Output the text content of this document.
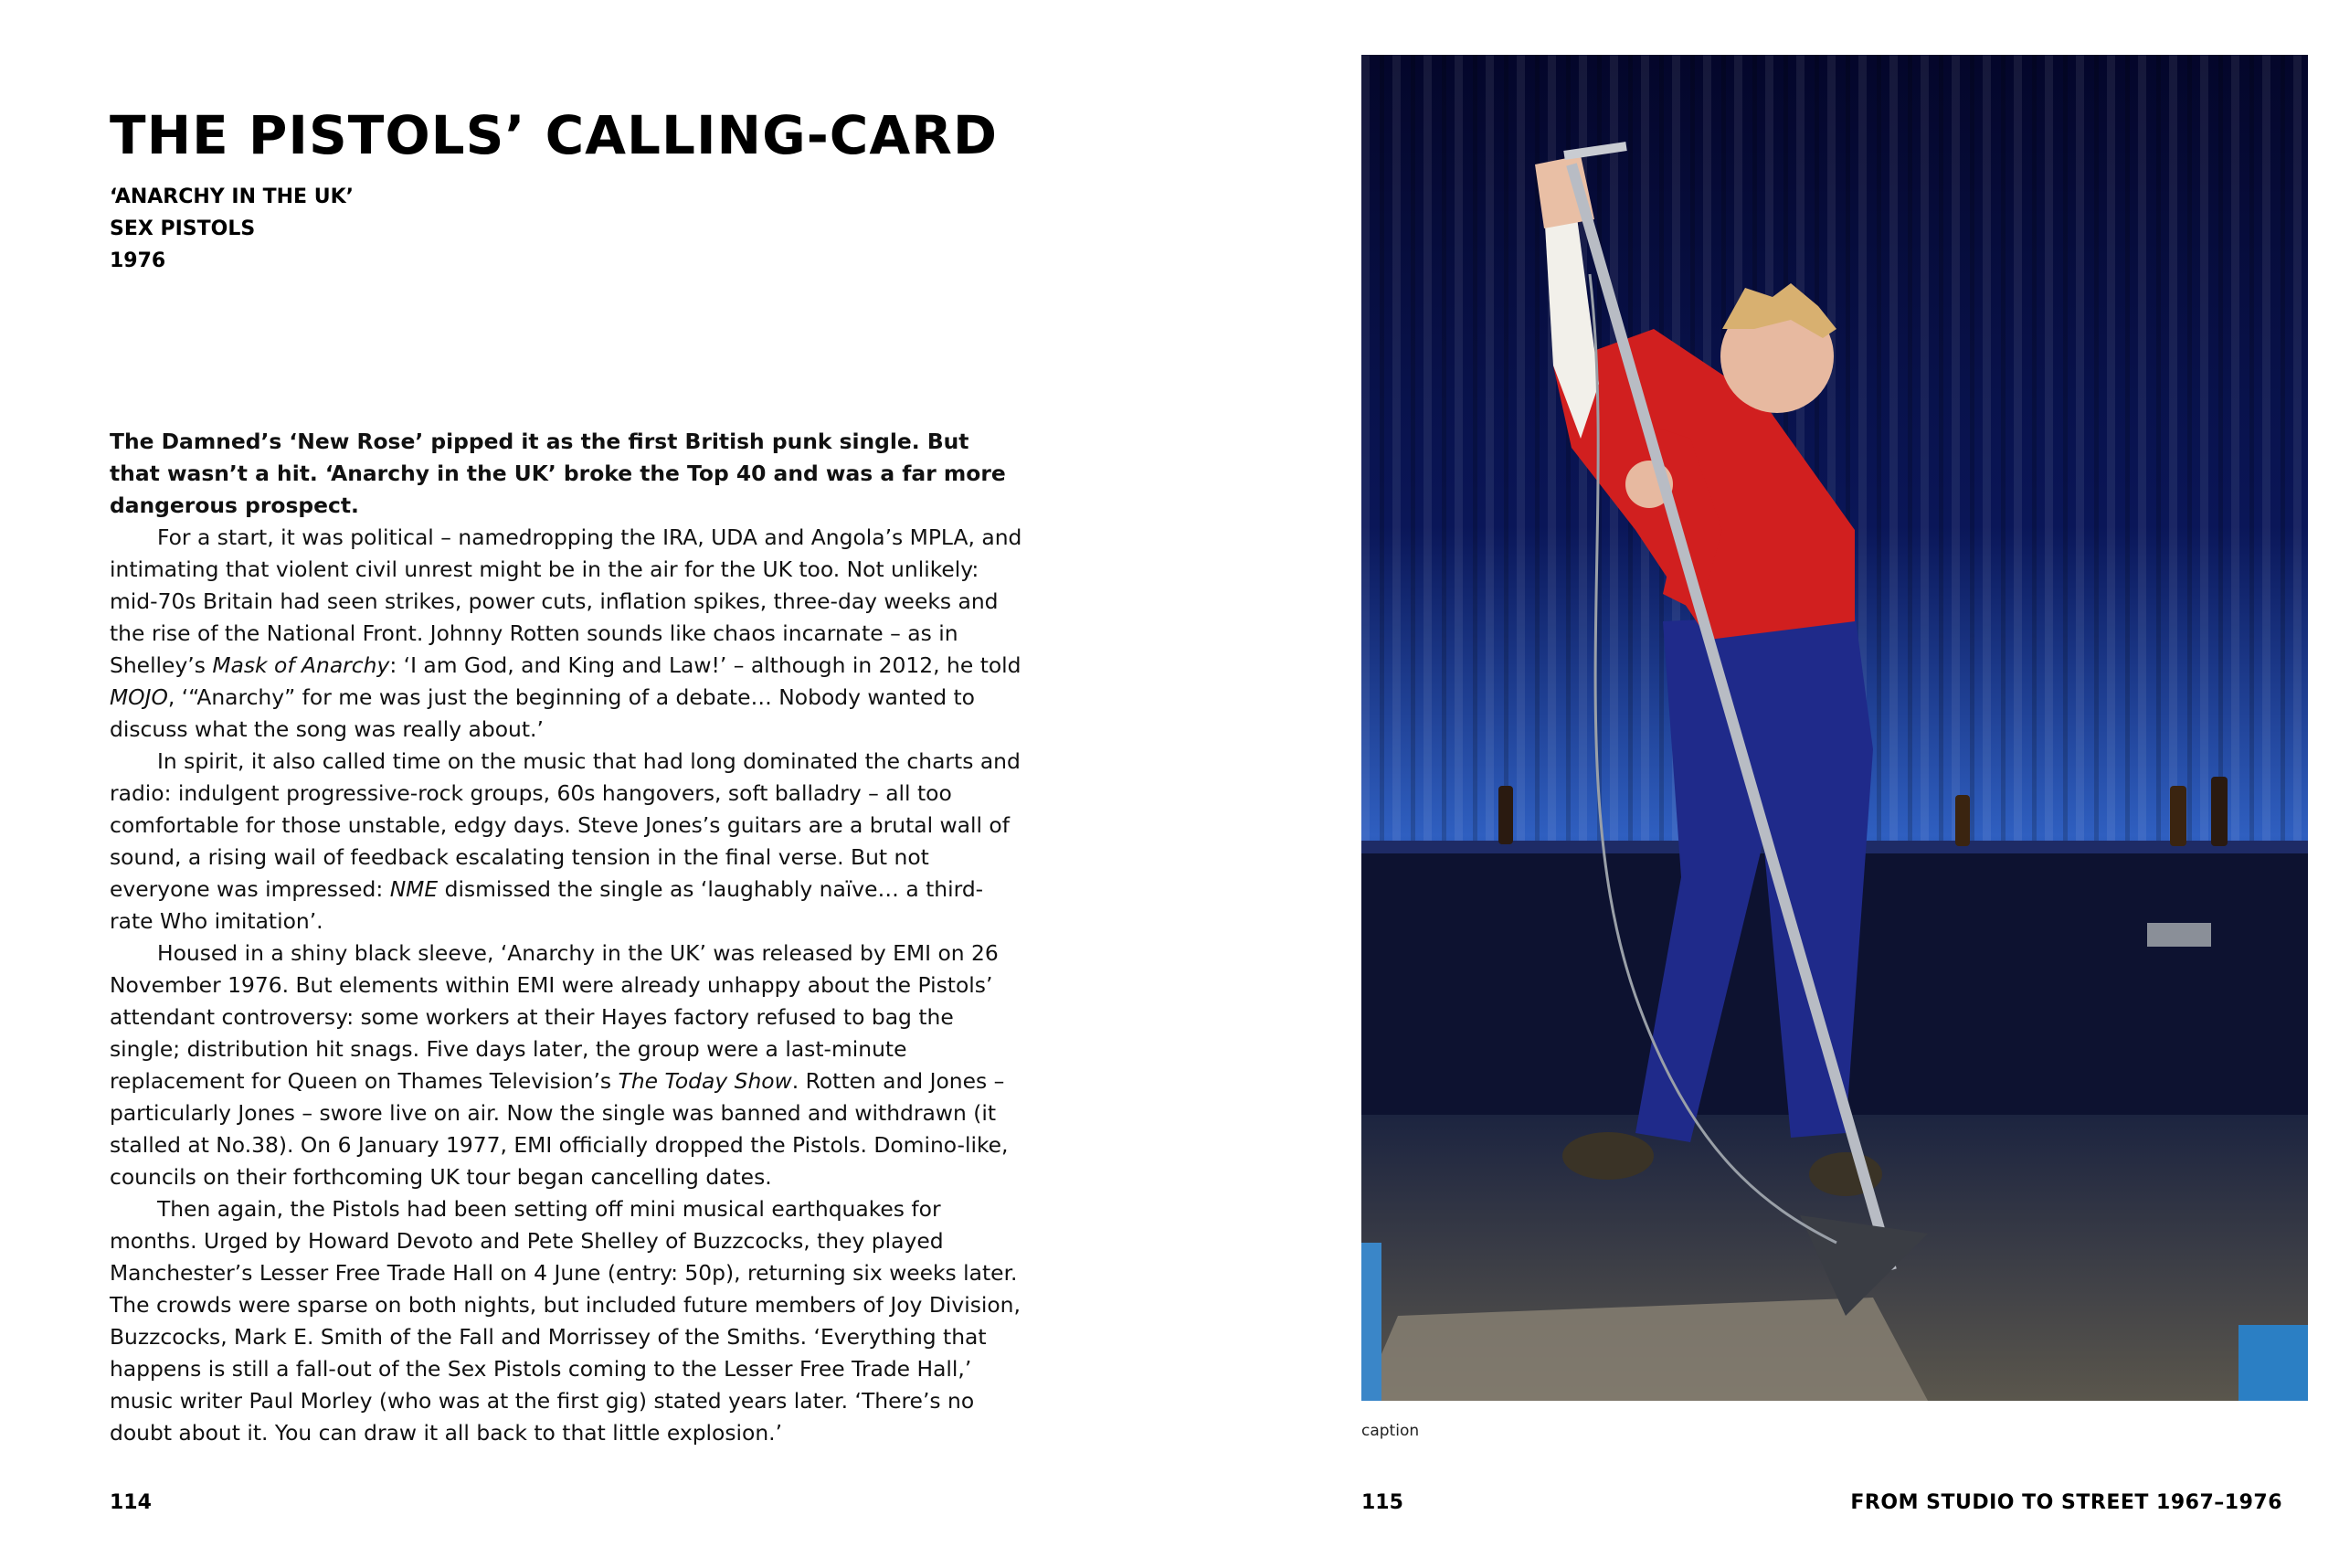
THE PISTOLS’ CALLING-CARD
‘ANARCHY IN THE UK’
SEX PISTOLS
1976

The Damned’s ‘New Rose’ pipped it as the first British punk single. But that wasn’t a hit. ‘Anarchy in the UK’ broke the Top 40 and was a far more dangerous prospect.

For a start, it was political – namedropping the IRA, UDA and Angola’s MPLA, and intimating that violent civil unrest might be in the air for the UK too. Not unlikely: mid-70s Britain had seen strikes, power cuts, inflation spikes, three-day weeks and the rise of the National Front. Johnny Rotten sounds like chaos incarnate – as in Shelley’s Mask of Anarchy: ‘I am God, and King and Law!’ – although in 2012, he told MOJO, ‘“Anarchy” for me was just the beginning of a debate… Nobody wanted to discuss what the song was really about.’

In spirit, it also called time on the music that had long dominated the charts and radio: indulgent progressive-rock groups, 60s hangovers, soft balladry – all too comfortable for those unstable, edgy days. Steve Jones’s guitars are a brutal wall of sound, a rising wail of feedback escalating tension in the final verse. But not everyone was impressed: NME dismissed the single as ‘laughably naïve… a third-rate Who imitation’.

Housed in a shiny black sleeve, ‘Anarchy in the UK’ was released by EMI on 26 November 1976. But elements within EMI were already unhappy about the Pistols’ attendant controversy: some workers at their Hayes factory refused to bag the single; distribution hit snags. Five days later, the group were a last-minute replacement for Queen on Thames Television’s The Today Show. Rotten and Jones – particularly Jones – swore live on air. Now the single was banned and withdrawn (it stalled at No.38). On 6 January 1977, EMI officially dropped the Pistols. Domino-like, councils on their forthcoming UK tour began cancelling dates.

Then again, the Pistols had been setting off mini musical earthquakes for months. Urged by Howard Devoto and Pete Shelley of Buzzcocks, they played Manchester’s Lesser Free Trade Hall on 4 June (entry: 50p), returning six weeks later. The crowds were sparse on both nights, but included future members of Joy Division, Buzzcocks, Mark E. Smith of the Fall and Morrissey of the Smiths. ‘Everything that happens is still a fall-out of the Sex Pistols coming to the Lesser Free Trade Hall,’ music writer Paul Morley (who was at the first gig) stated years later. ‘There’s no doubt about it. You can draw it all back to that little explosion.’

114

caption

115	FROM STUDIO TO STREET 1967–1976
